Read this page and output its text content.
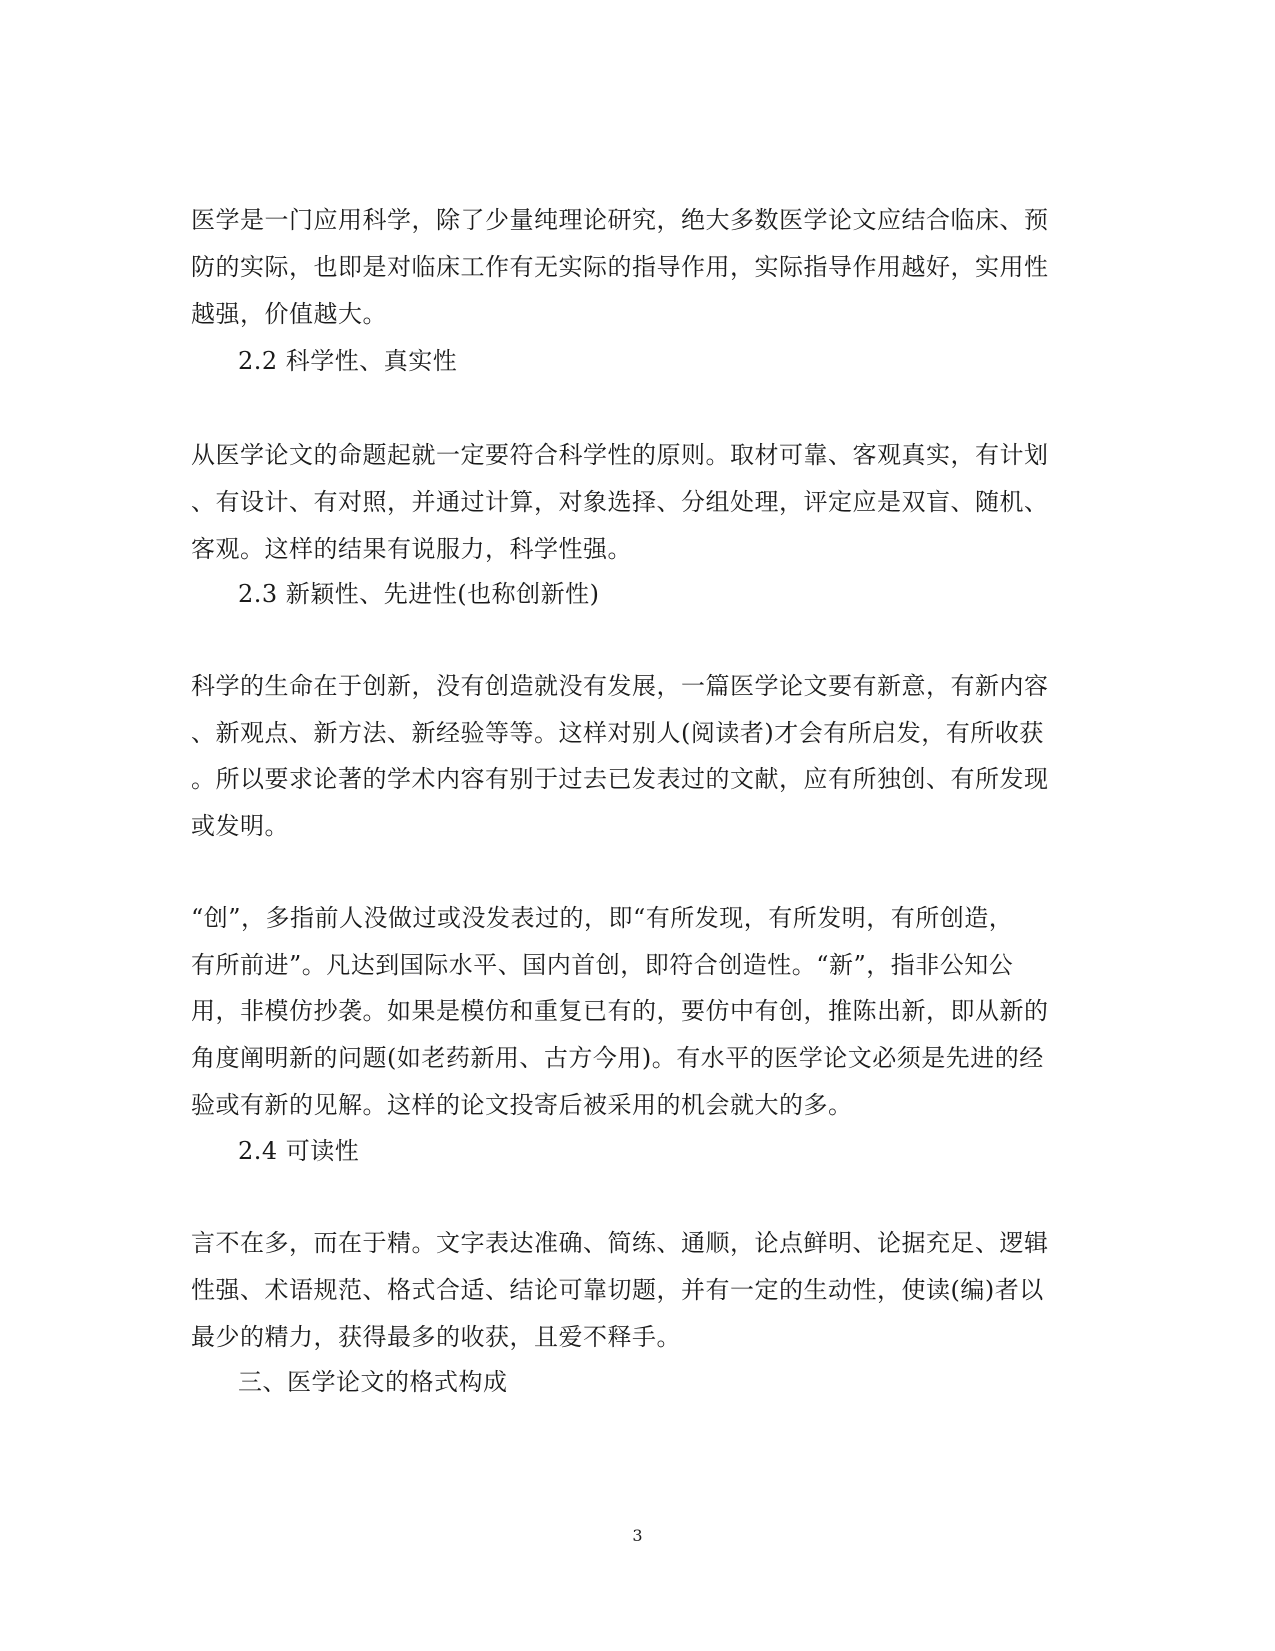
医学是一门应用科学，除了少量纯理论研究，绝大多数医学论文应结合临床、预
防的实际，也即是对临床工作有无实际的指导作用，实际指导作用越好，实用性
越强，价值越大。
2.2 科学性、真实性
从医学论文的命题起就一定要符合科学性的原则。取材可靠、客观真实，有计划
、有设计、有对照，并通过计算，对象选择、分组处理，评定应是双盲、随机、
客观。这样的结果有说服力，科学性强。
2.3 新颖性、先进性(也称创新性)
科学的生命在于创新，没有创造就没有发展，一篇医学论文要有新意，有新内容
、新观点、新方法、新经验等等。这样对别人(阅读者)才会有所启发，有所收获
。所以要求论著的学术内容有别于过去已发表过的文献，应有所独创、有所发现
或发明。
“创”，多指前人没做过或没发表过的，即“有所发现，有所发明，有所创造，
有所前进”。凡达到国际水平、国内首创，即符合创造性。“新”，指非公知公
用，非模仿抄袭。如果是模仿和重复已有的，要仿中有创，推陈出新，即从新的
角度阐明新的问题(如老药新用、古方今用)。有水平的医学论文必须是先进的经
验或有新的见解。这样的论文投寄后被采用的机会就大的多。
2.4 可读性
言不在多，而在于精。文字表达准确、简练、通顺，论点鲜明、论据充足、逻辑
性强、术语规范、格式合适、结论可靠切题，并有一定的生动性，使读(编)者以
最少的精力，获得最多的收获，且爱不释手。
三、医学论文的格式构成
3
